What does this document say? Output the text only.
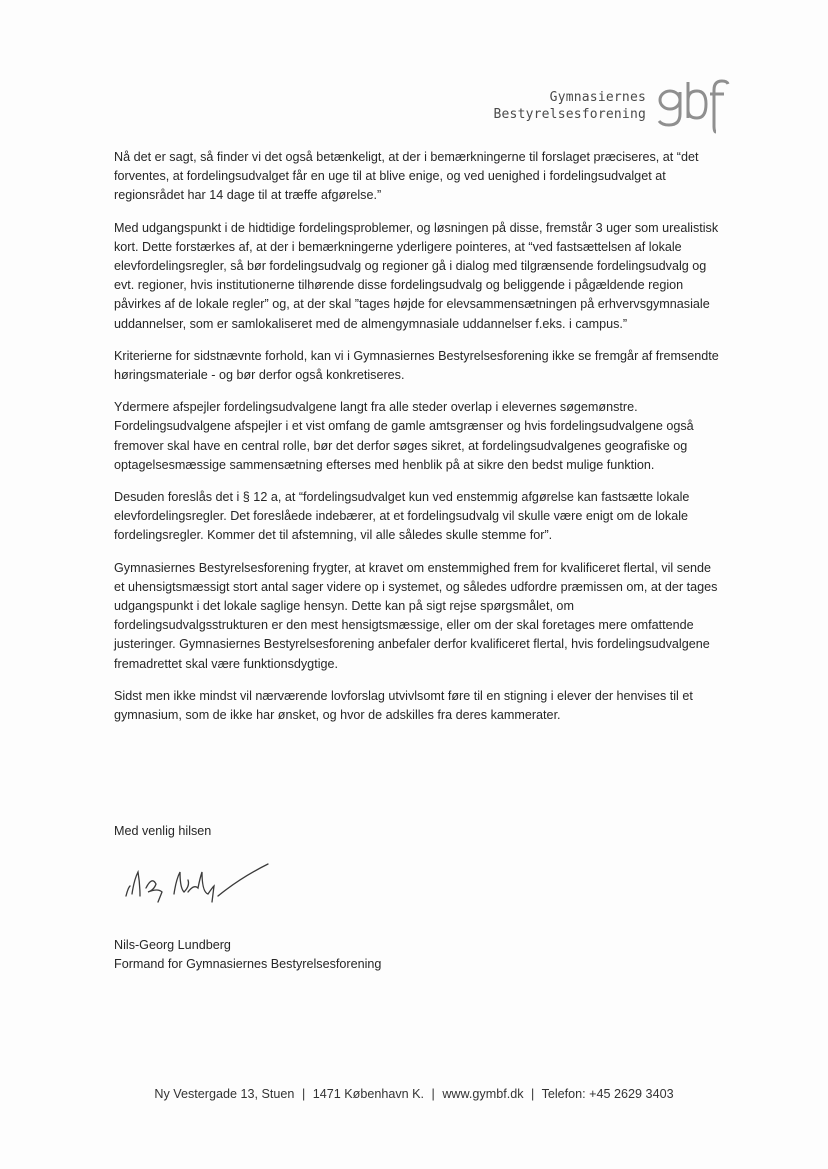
Gymnasiernes
Bestyrelsesforening

Nå det er sagt, så finder vi det også betænkeligt, at der i bemærkningerne til forslaget præciseres, at “det forventes, at fordelingsudvalget får en uge til at blive enige, og ved uenighed i fordelingsudvalget at regionsrådet har 14 dage til at træffe afgørelse.”

Med udgangspunkt i de hidtidige fordelingsproblemer, og løsningen på disse, fremstår 3 uger som urealistisk kort. Dette forstærkes af, at der i bemærkningerne yderligere pointeres, at “ved fastsættelsen af lokale elevfordelingsregler, så bør fordelingsudvalg og regioner gå i dialog med tilgrænsende fordelingsudvalg og evt. regioner, hvis institutionerne tilhørende disse fordelingsudvalg og beliggende i pågældende region påvirkes af de lokale regler” og, at der skal ”tages højde for elevsammensætningen på erhvervsgymnasiale uddannelser, som er samlokaliseret med de almengymnasiale uddannelser f.eks. i campus.”

Kriterierne for sidstnævnte forhold, kan vi i Gymnasiernes Bestyrelsesforening ikke se fremgår af fremsendte høringsmateriale - og bør derfor også konkretiseres.

Ydermere afspejler fordelingsudvalgene langt fra alle steder overlap i elevernes søgemønstre. Fordelingsudvalgene afspejler i et vist omfang de gamle amtsgrænser og hvis fordelingsudvalgene også fremover skal have en central rolle, bør det derfor søges sikret, at fordelingsudvalgenes geografiske og optagelsesmæssige sammensætning efterses med henblik på at sikre den bedst mulige funktion.

Desuden foreslås det i § 12 a, at “fordelingsudvalget kun ved enstemmig afgørelse kan fastsætte lokale elevfordelingsregler. Det foreslåede indebærer, at et fordelingsudvalg vil skulle være enigt om de lokale fordelingsregler. Kommer det til afstemning, vil alle således skulle stemme for”.

Gymnasiernes Bestyrelsesforening frygter, at kravet om enstemmighed frem for kvalificeret flertal, vil sende et uhensigtsmæssigt stort antal sager videre op i systemet, og således udfordre præmissen om, at der tages udgangspunkt i det lokale saglige hensyn. Dette kan på sigt rejse spørgsmålet, om fordelingsudvalgsstrukturen er den mest hensigtsmæssige, eller om der skal foretages mere omfattende justeringer. Gymnasiernes Bestyrelsesforening anbefaler derfor kvalificeret flertal, hvis fordelingsudvalgene fremadrettet skal være funktionsdygtige.

Sidst men ikke mindst vil nærværende lovforslag utvivlsomt føre til en stigning i elever der henvises til et gymnasium, som de ikke har ønsket, og hvor de adskilles fra deres kammerater.

Med venlig hilsen
Nils-Georg Lundberg
Formand for Gymnasiernes Bestyrelsesforening
Ny Vestergade 13, Stuen | 1471 København K. | www.gymbf.dk | Telefon: +45 2629 3403
